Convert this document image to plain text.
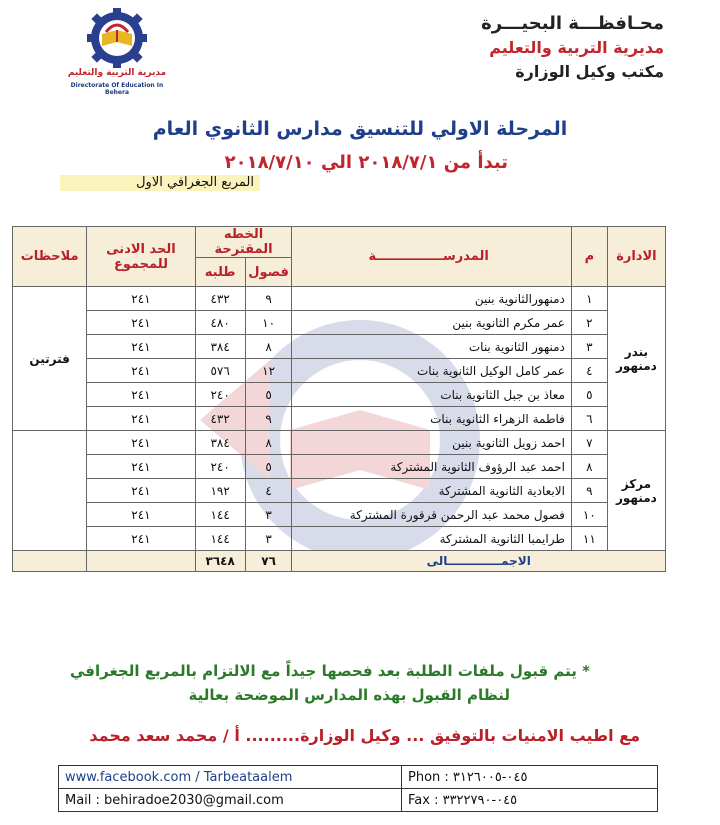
مديرية التربية والتعليم
Directorate Of Education In Behera
محـافظـــة البحيـــرة
مديرية التربية والتعليم
مكتب وكيل الوزارة
المرحلة الاولي للتنسيق مدارس الثانوي العام
تبدأ من ٢٠١٨/٧/١ الي ٢٠١٨/٧/١٠
المربع الجغرافي الاول
الادارة	م	المدرســـــــــــــــة	الخطه المقترحة		الحد الادنى للمجموع	ملاحظات
			فصول	طلبه		
بندر دمنهور	١	دمنهورالثانوية بنين	٩	٤٣٢	٢٤١	فترتين
	٢	عمر مكرم الثانوية بنين	١٠	٤٨٠	٢٤١	
	٣	دمنهور الثانوية بنات	٨	٣٨٤	٢٤١	
	٤	عمر كامل الوكيل الثانوية بنات	١٢	٥٧٦	٢٤١	
	٥	معاذ بن جبل الثانوية بنات	٥	٢٤٠	٢٤١	
	٦	فاطمة الزهراء الثانوية بنات	٩	٤٣٢	٢٤١	
مركز دمنهور	٧	احمد زويل الثانوية بنين	٨	٣٨٤	٢٤١	
	٨	احمد عبد الرؤوف الثانوية المشتركة	٥	٢٤٠	٢٤١	
	٩	الابعادية الثانوية المشتركة	٤	١٩٢	٢٤١	
	١٠	فصول محمد عبد الرحمن قرقورة المشتركة	٣	١٤٤	٢٤١	
	١١	طرايمبا الثانوية المشتركة	٣	١٤٤	٢٤١	
الاجمـــــــــــــالى			٧٦	٣٦٤٨		
* يتم قبول ملفات الطلبة بعد فحصها جيداً مع الالتزام بالمربع الجغرافي
لنظام القبول بهذه المدارس الموضحة بعالية
مع اطيب الامنيات بالتوفيق ... وكيل الوزارة......... أ / محمد سعد محمد
www.facebook.com / Tarbeataalem	Phon : ٠٤٥-٣١٢٦٠٠٥
Mail : behiradoe2030@gmail.com	Fax : ٠٤٥-٣٣٢٢٧٩٠
